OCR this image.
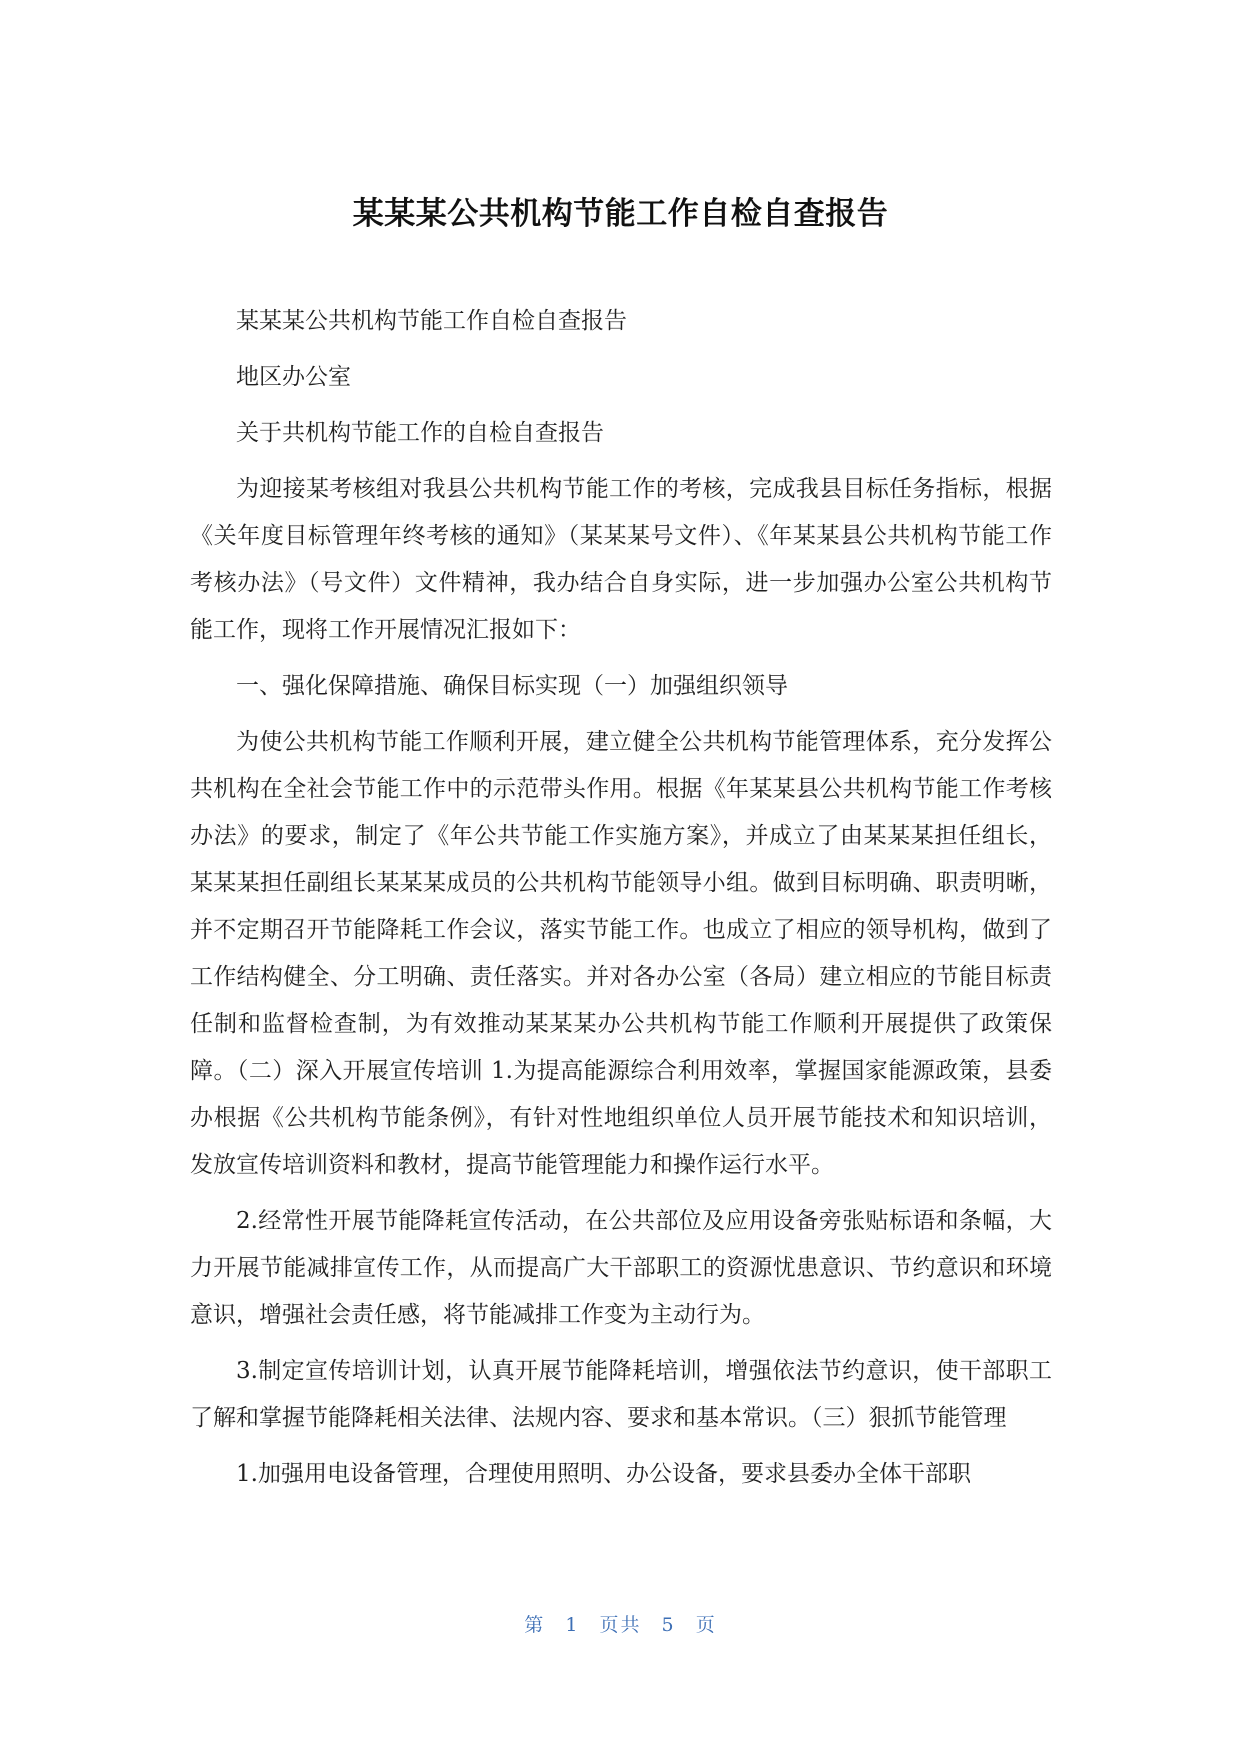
某某某公共机构节能工作自检自查报告

某某某公共机构节能工作自检自查报告

地区办公室

关于共机构节能工作的自检自查报告

为迎接某考核组对我县公共机构节能工作的考核，完成我县目标任务指标，根据《关年度目标管理年终考核的通知》（某某某号文件）、《年某某县公共机构节能工作考核办法》（号文件）文件精神，我办结合自身实际，进一步加强办公室公共机构节能工作，现将工作开展情况汇报如下：

一、强化保障措施、确保目标实现（一）加强组织领导

为使公共机构节能工作顺利开展，建立健全公共机构节能管理体系，充分发挥公共机构在全社会节能工作中的示范带头作用。根据《年某某县公共机构节能工作考核办法》的要求，制定了《年公共节能工作实施方案》，并成立了由某某某担任组长，某某某担任副组长某某某成员的公共机构节能领导小组。做到目标明确、职责明晰，并不定期召开节能降耗工作会议，落实节能工作。也成立了相应的领导机构，做到了工作结构健全、分工明确、责任落实。并对各办公室（各局）建立相应的节能目标责任制和监督检查制，为有效推动某某某办公共机构节能工作顺利开展提供了政策保障。（二）深入开展宣传培训 1.为提高能源综合利用效率，掌握国家能源政策，县委办根据《公共机构节能条例》，有针对性地组织单位人员开展节能技术和知识培训，发放宣传培训资料和教材，提高节能管理能力和操作运行水平。

2.经常性开展节能降耗宣传活动，在公共部位及应用设备旁张贴标语和条幅，大力开展节能减排宣传工作，从而提高广大干部职工的资源忧患意识、节约意识和环境意识，增强社会责任感，将节能减排工作变为主动行为。

3.制定宣传培训计划，认真开展节能降耗培训，增强依法节约意识，使干部职工了解和掌握节能降耗相关法律、法规内容、要求和基本常识。（三）狠抓节能管理

1.加强用电设备管理，合理使用照明、办公设备，要求县委办全体干部职

第 1 页共 5 页
